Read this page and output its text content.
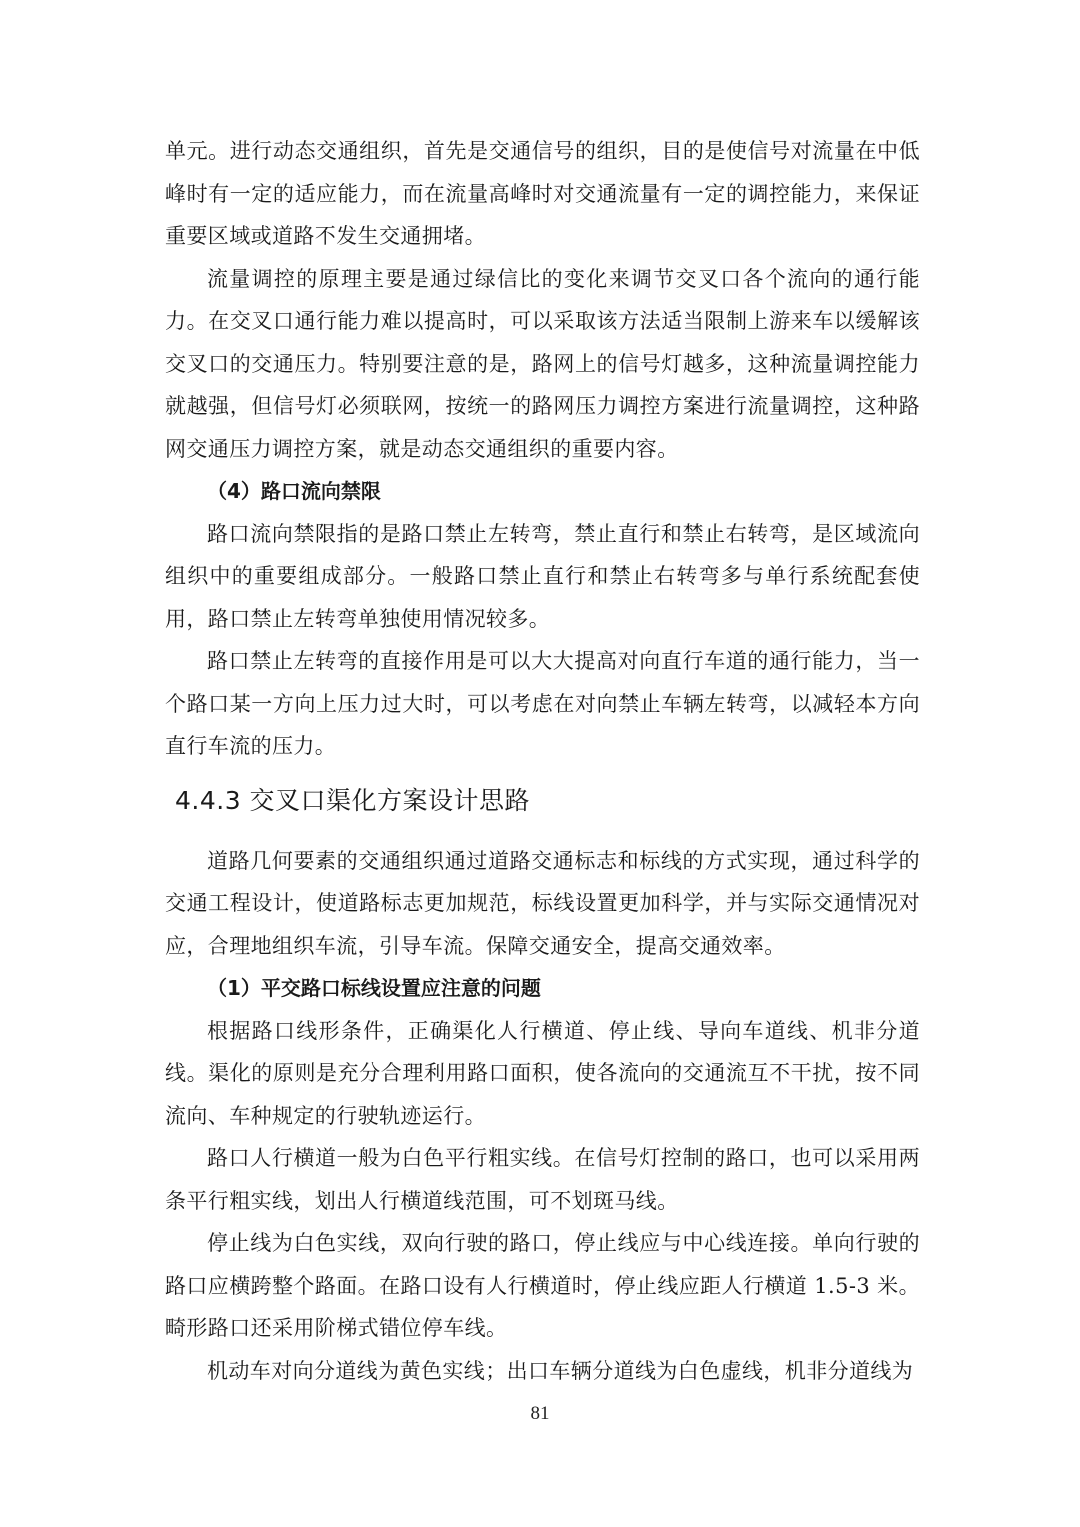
单元。进行动态交通组织，首先是交通信号的组织，目的是使信号对流量在中低峰时有一定的适应能力，而在流量高峰时对交通流量有一定的调控能力，来保证重要区域或道路不发生交通拥堵。

流量调控的原理主要是通过绿信比的变化来调节交叉口各个流向的通行能力。在交叉口通行能力难以提高时，可以采取该方法适当限制上游来车以缓解该交叉口的交通压力。特别要注意的是，路网上的信号灯越多，这种流量调控能力就越强，但信号灯必须联网，按统一的路网压力调控方案进行流量调控，这种路网交通压力调控方案，就是动态交通组织的重要内容。

（4）路口流向禁限

路口流向禁限指的是路口禁止左转弯，禁止直行和禁止右转弯，是区域流向组织中的重要组成部分。一般路口禁止直行和禁止右转弯多与单行系统配套使用，路口禁止左转弯单独使用情况较多。

路口禁止左转弯的直接作用是可以大大提高对向直行车道的通行能力，当一个路口某一方向上压力过大时，可以考虑在对向禁止车辆左转弯，以减轻本方向直行车流的压力。

4.4.3 交叉口渠化方案设计思路

道路几何要素的交通组织通过道路交通标志和标线的方式实现，通过科学的交通工程设计，使道路标志更加规范，标线设置更加科学，并与实际交通情况对应，合理地组织车流，引导车流。保障交通安全，提高交通效率。

（1）平交路口标线设置应注意的问题

根据路口线形条件，正确渠化人行横道、停止线、导向车道线、机非分道线。渠化的原则是充分合理利用路口面积，使各流向的交通流互不干扰，按不同流向、车种规定的行驶轨迹运行。

路口人行横道一般为白色平行粗实线。在信号灯控制的路口，也可以采用两条平行粗实线，划出人行横道线范围，可不划斑马线。

停止线为白色实线，双向行驶的路口，停止线应与中心线连接。单向行驶的路口应横跨整个路面。在路口设有人行横道时，停止线应距人行横道 1.5-3 米。畸形路口还采用阶梯式错位停车线。

机动车对向分道线为黄色实线；出口车辆分道线为白色虚线，机非分道线为

81
